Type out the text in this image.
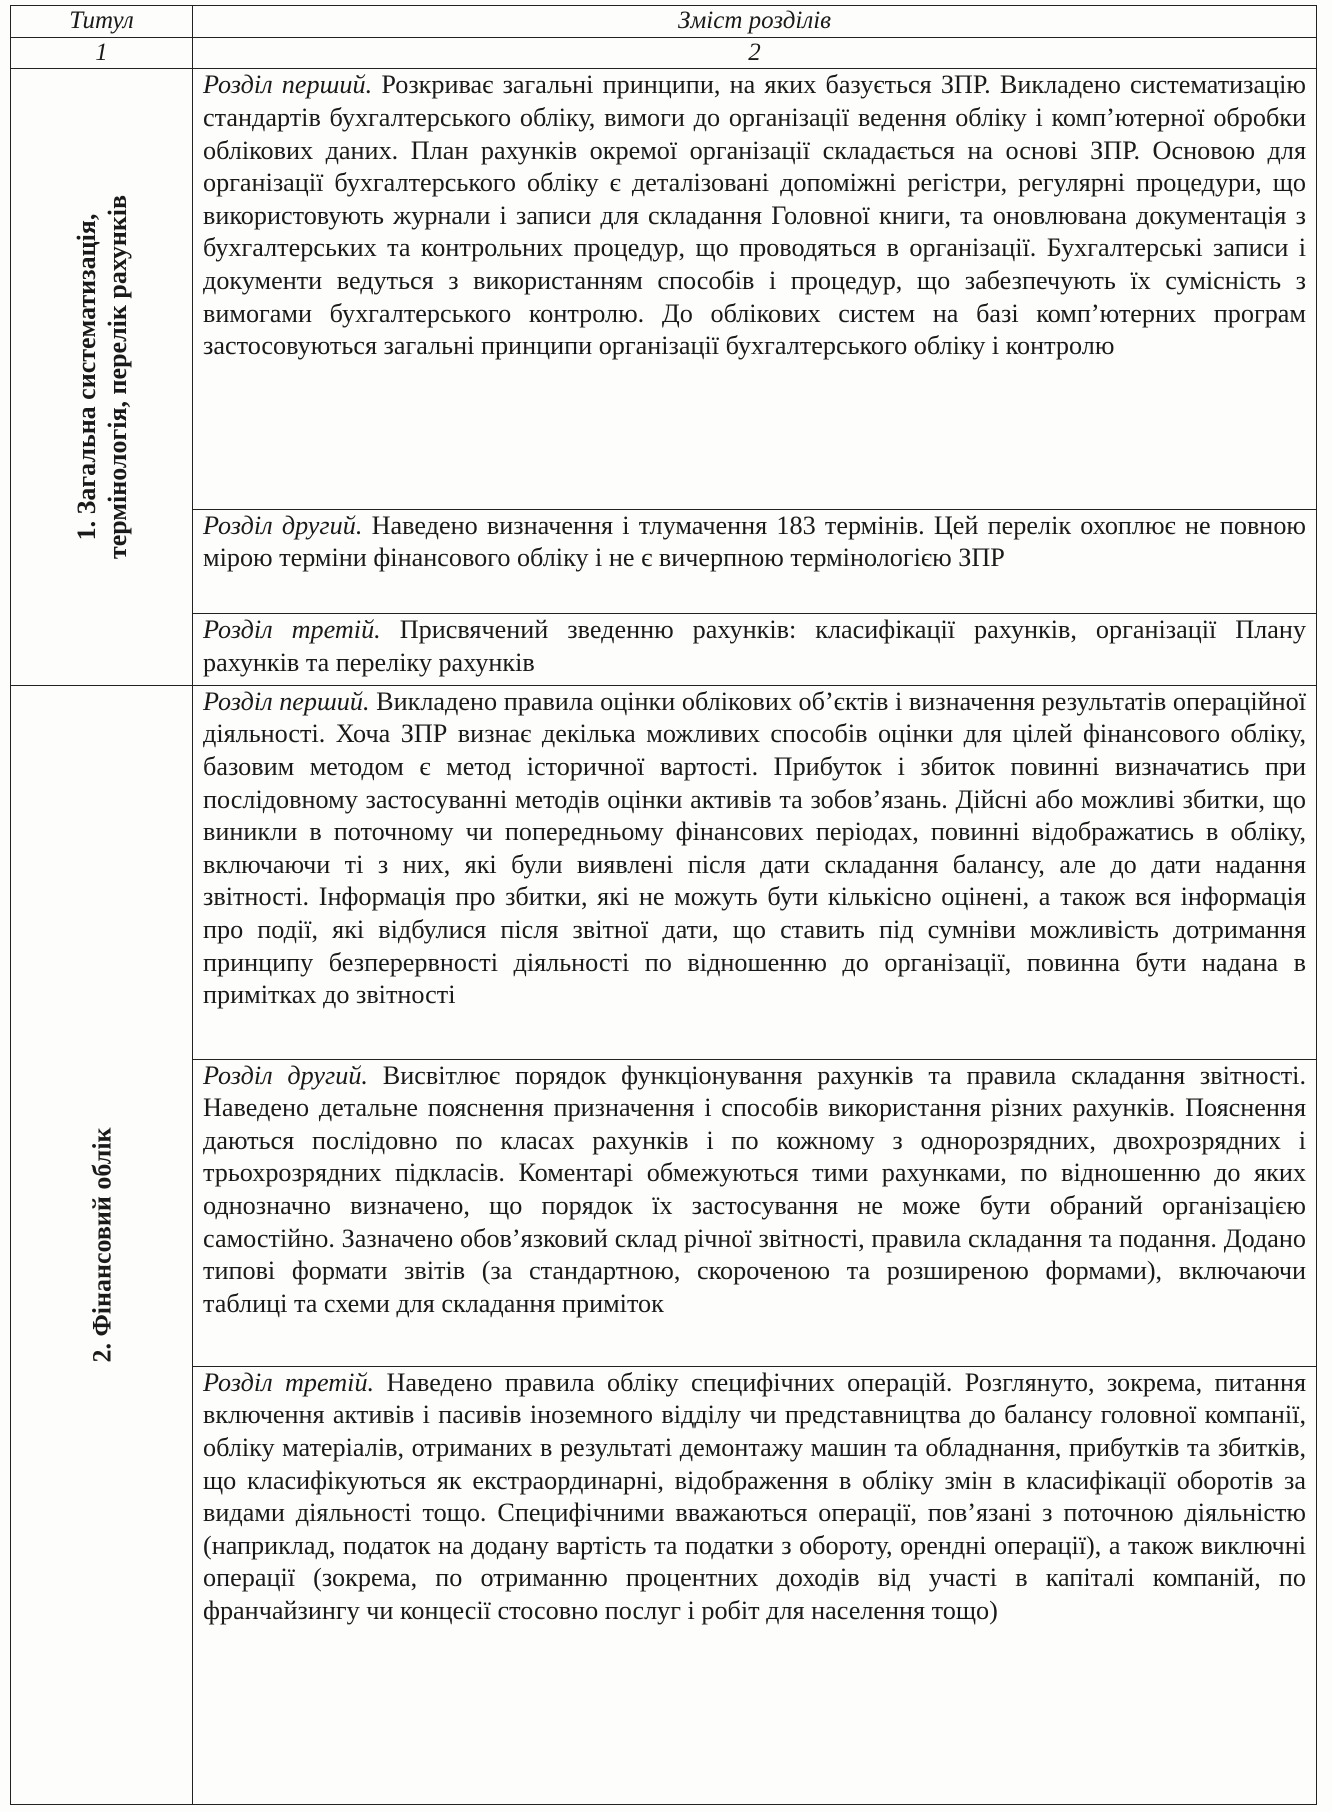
Титул	Зміст розділів
1	2

1. Загальна систематизація, термінологія, перелік рахунків	Розділ перший. Розкриває загальні принципи, на яких базується ЗПР. Викладено систематизацію стандартів бухгалтерського обліку, вимоги до організації ведення обліку і комп’ютерної обробки облікових даних. План рахунків окремої організації складається на основі ЗПР. Основою для організації бухгалтерського обліку є деталізовані допоміжні регістри, регулярні процедури, що використовують журнали і записи для складання Головної книги, та оновлювана документація з бухгалтерських та контрольних процедур, що проводяться в організації. Бухгалтерські записи і документи ведуться з використанням способів і процедур, що забезпечують їх сумісність з вимогами бухгалтерського контролю. До облікових систем на базі комп’ютерних програм застосовуються загальні принципи організації бухгалтерського обліку і контролю
	Розділ другий. Наведено визначення і тлумачення 183 термінів. Цей перелік охоплює не повною мірою терміни фінансового обліку і не є вичерпною термінологією ЗПР
	Розділ третій. Присвячений зведенню рахунків: класифікації рахунків, організації Плану рахунків та переліку рахунків

2. Фінансовий облік	Розділ перший. Викладено правила оцінки облікових об’єктів і визначення результатів операційної діяльності. Хоча ЗПР визнає декілька можливих способів оцінки для цілей фінансового обліку, базовим методом є метод історичної вартості. Прибуток і збиток повинні визначатись при послідовному застосуванні методів оцінки активів та зобов’язань. Дійсні або можливі збитки, що виникли в поточному чи попередньому фінансових періодах, повинні відображатись в обліку, включаючи ті з них, які були виявлені після дати складання балансу, але до дати надання звітності. Інформація про збитки, які не можуть бути кількісно оцінені, а також вся інформація про події, які відбулися після звітної дати, що ставить під сумніви можливість дотримання принципу безперервності діяльності по відношенню до організації, повинна бути надана в примітках до звітності
	Розділ другий. Висвітлює порядок функціонування рахунків та правила складання звітності. Наведено детальне пояснення призначення і способів використання різних рахунків. Пояснення даються послідовно по класах рахунків і по кожному з однорозрядних, двохрозрядних і трьохрозрядних підкласів. Коментарі обмежуються тими рахунками, по відношенню до яких однозначно визначено, що порядок їх застосування не може бути обраний організацією самостійно. Зазначено обов’язковий склад річної звітності, правила складання та подання. Додано типові формати звітів (за стандартною, скороченою та розширеною формами), включаючи таблиці та схеми для складання приміток
	Розділ третій. Наведено правила обліку специфічних операцій. Розглянуто, зокрема, питання включення активів і пасивів іноземного відділу чи представництва до балансу головної компанії, обліку матеріалів, отриманих в результаті демонтажу машин та обладнання, прибутків та збитків, що класифікуються як екстраординарні, відображення в обліку змін в класифікації оборотів за видами діяльності тощо. Специфічними вважаються операції, пов’язані з поточною діяльністю (наприклад, податок на додану вартість та податки з обороту, орендні операції), а також виключні операції (зокрема, по отриманню процентних доходів від участі в капіталі компаній, по франчайзингу чи концесії стосовно послуг і робіт для населення тощо)
